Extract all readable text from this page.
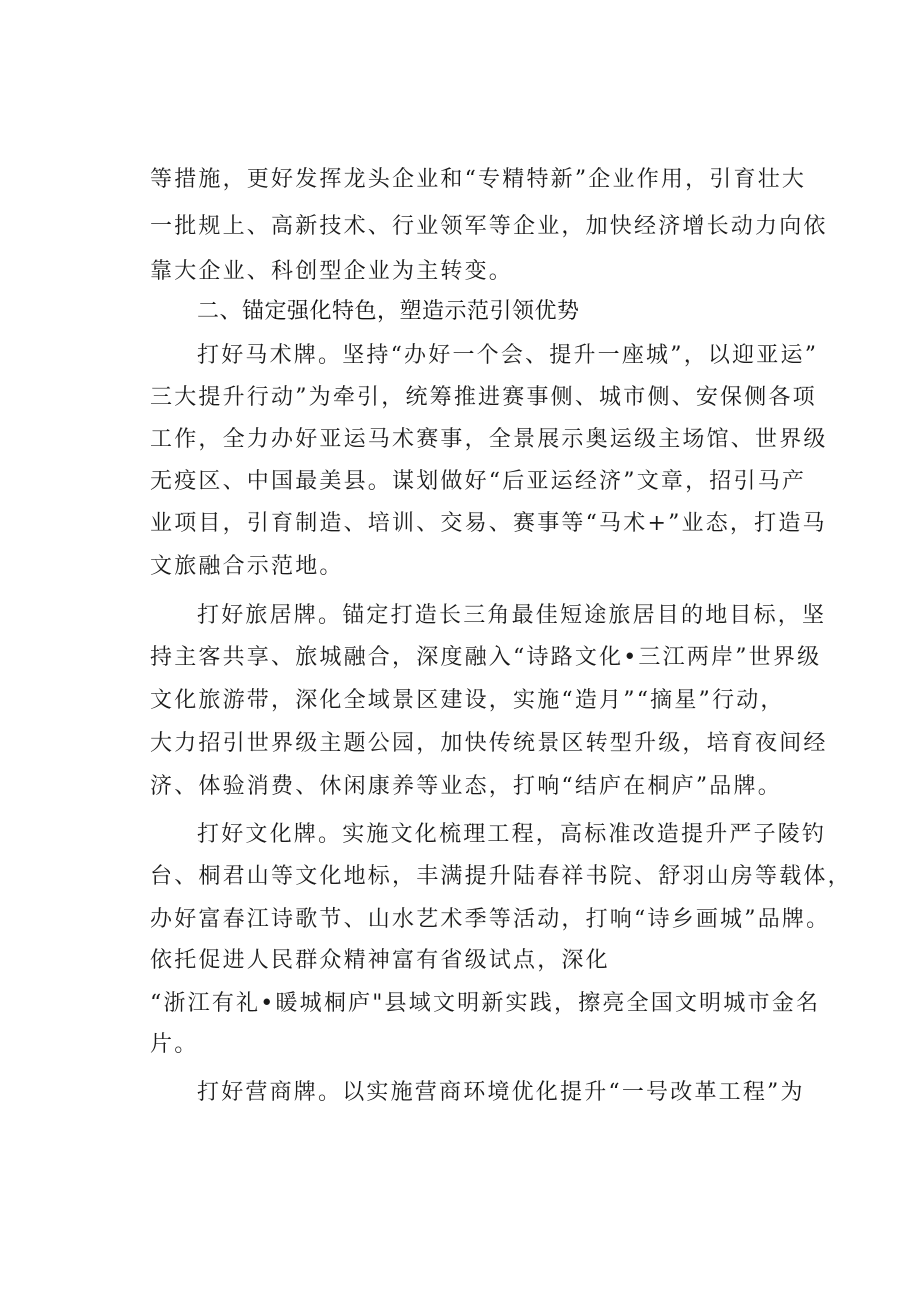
等措施，更好发挥龙头企业和“专精特新”企业作用，引育壮大
一批规上、高新技术、行业领军等企业，加快经济增长动力向依
靠大企业、科创型企业为主转变。
二、锚定强化特色，塑造示范引领优势
打好马术牌。坚持“办好一个会、提升一座城”，以迎亚运”
三大提升行动”为牵引，统筹推进赛事侧、城市侧、安保侧各项
工作，全力办好亚运马术赛事，全景展示奥运级主场馆、世界级
无疫区、中国最美县。谋划做好“后亚运经济”文章，招引马产
业项目，引育制造、培训、交易、赛事等“马术+”业态，打造马
文旅融合示范地。
打好旅居牌。锚定打造长三角最佳短途旅居目的地目标，坚
持主客共享、旅城融合，深度融入“诗路文化•三江两岸”世界级
文化旅游带，深化全域景区建设，实施“造月”“摘星”行动，
大力招引世界级主题公园，加快传统景区转型升级，培育夜间经
济、体验消费、休闲康养等业态，打响“结庐在桐庐”品牌。
打好文化牌。实施文化梳理工程，高标准改造提升严子陵钓
台、桐君山等文化地标，丰满提升陆春祥书院、舒羽山房等载体，
办好富春江诗歌节、山水艺术季等活动，打响“诗乡画城”品牌。
依托促进人民群众精神富有省级试点，深化
“浙江有礼•暖城桐庐"县域文明新实践，擦亮全国文明城市金名
片。
打好营商牌。以实施营商环境优化提升“一号改革工程”为
